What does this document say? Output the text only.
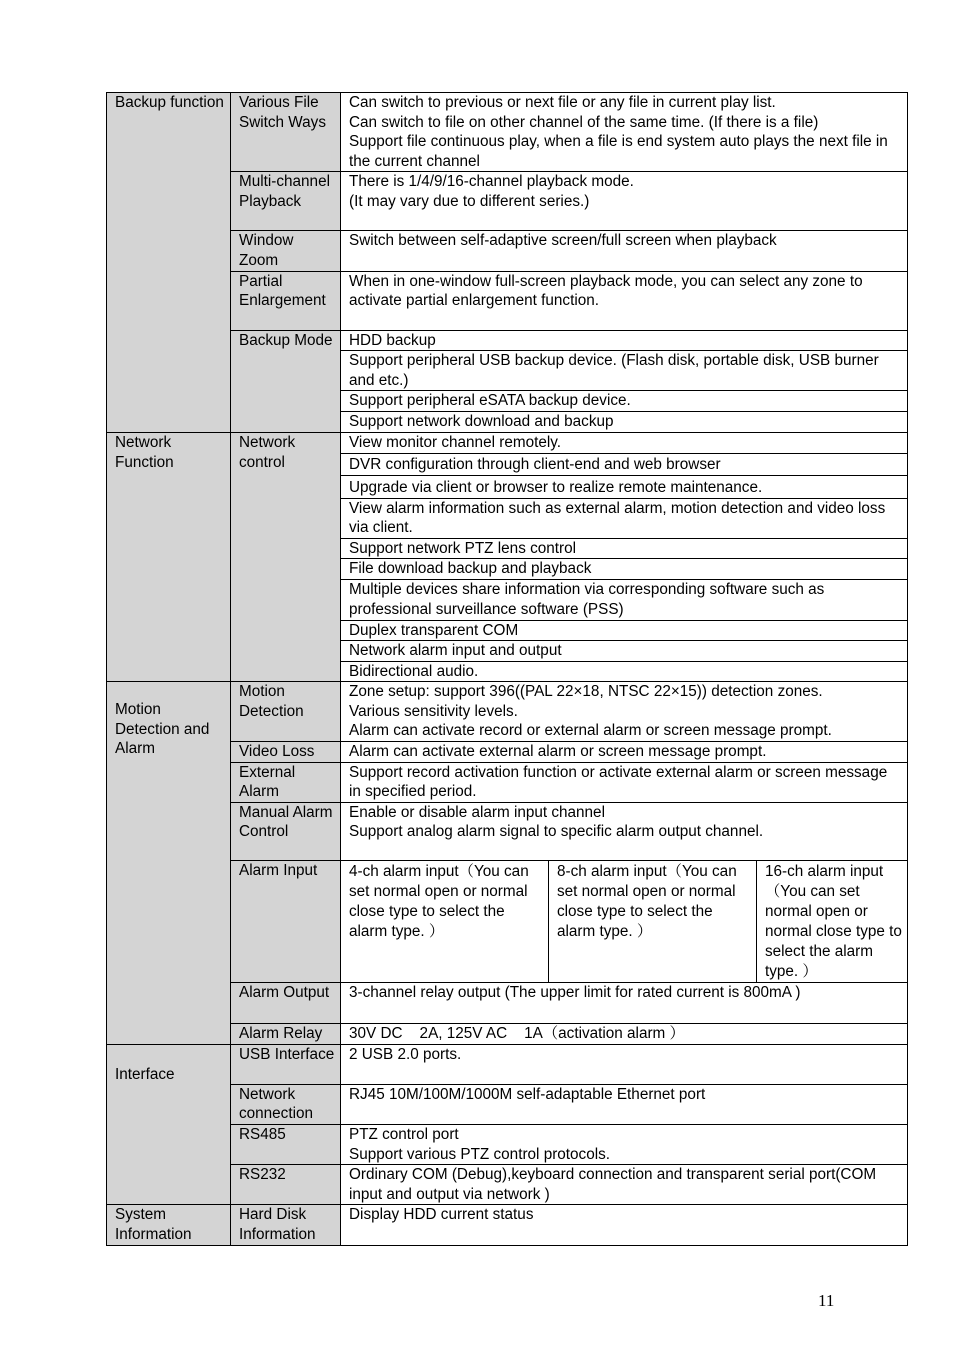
Backup function	Various File Switch Ways	Can switch to previous or next file or any file in current play list.
Can switch to file on other channel of the same time. (If there is a file)
Support file continuous play, when a file is end system auto plays the next file in the current channel		

	Multi-channel Playback	There is 1/4/9/16-channel playback mode.
(It may vary due to different series.)		

	Window Zoom	Switch between self-adaptive screen/full screen when playback		
	Partial Enlargement	When in one-window full-screen playback mode, you can select any zone to activate partial enlargement function.		
	Backup Mode	HDD backup		
		Support peripheral USB backup device. (Flash disk, portable disk, USB burner and etc.)		
		Support peripheral eSATA backup device.		
		Support network download and backup		
Network Function	Network control	View monitor channel remotely.		
		DVR configuration through client-end and web browser		
		Upgrade via client or browser to realize remote maintenance.		
		View alarm information such as external alarm, motion detection and video loss via client.		
		Support network PTZ lens control		
		File download backup and playback		
		Multiple devices share information via corresponding software such as professional surveillance software (PSS)		
		Duplex transparent COM		
		Network alarm input and output		
		Bidirectional audio.		
Motion Detection and Alarm	Motion Detection	Zone setup: support 396((PAL 22×18, NTSC 22×15)) detection zones.
Various sensitivity levels.
Alarm can activate record or external alarm or screen message prompt.		

	Video Loss	Alarm can activate external alarm or screen message prompt.		
	External Alarm	Support record activation function or activate external alarm or screen message in specified period.		
	Manual Alarm Control	Enable or disable alarm input channel
Support analog alarm signal to specific alarm output channel.		

	Alarm Input	4-ch alarm input（You can set normal open or normal close type to select the alarm type. ）	8-ch alarm input（You can set normal open or normal close type to select the alarm type. ）	16-ch alarm input（You can set normal open or normal close type to select the alarm type. ）
	Alarm Output	3-channel relay output (The upper limit for rated current is 800mA )		
	Alarm Relay	30V DC    2A, 125V AC    1A（activation alarm ）		
Interface	USB Interface	2 USB 2.0 ports.		
	Network connection	RJ45 10M/100M/1000M self-adaptable Ethernet port		
	RS485	PTZ control port
Support various PTZ control protocols.		

	RS232	Ordinary COM (Debug),keyboard connection and transparent serial port(COM input and output via network )		
System Information	Hard Disk Information	Display HDD current status		
11
